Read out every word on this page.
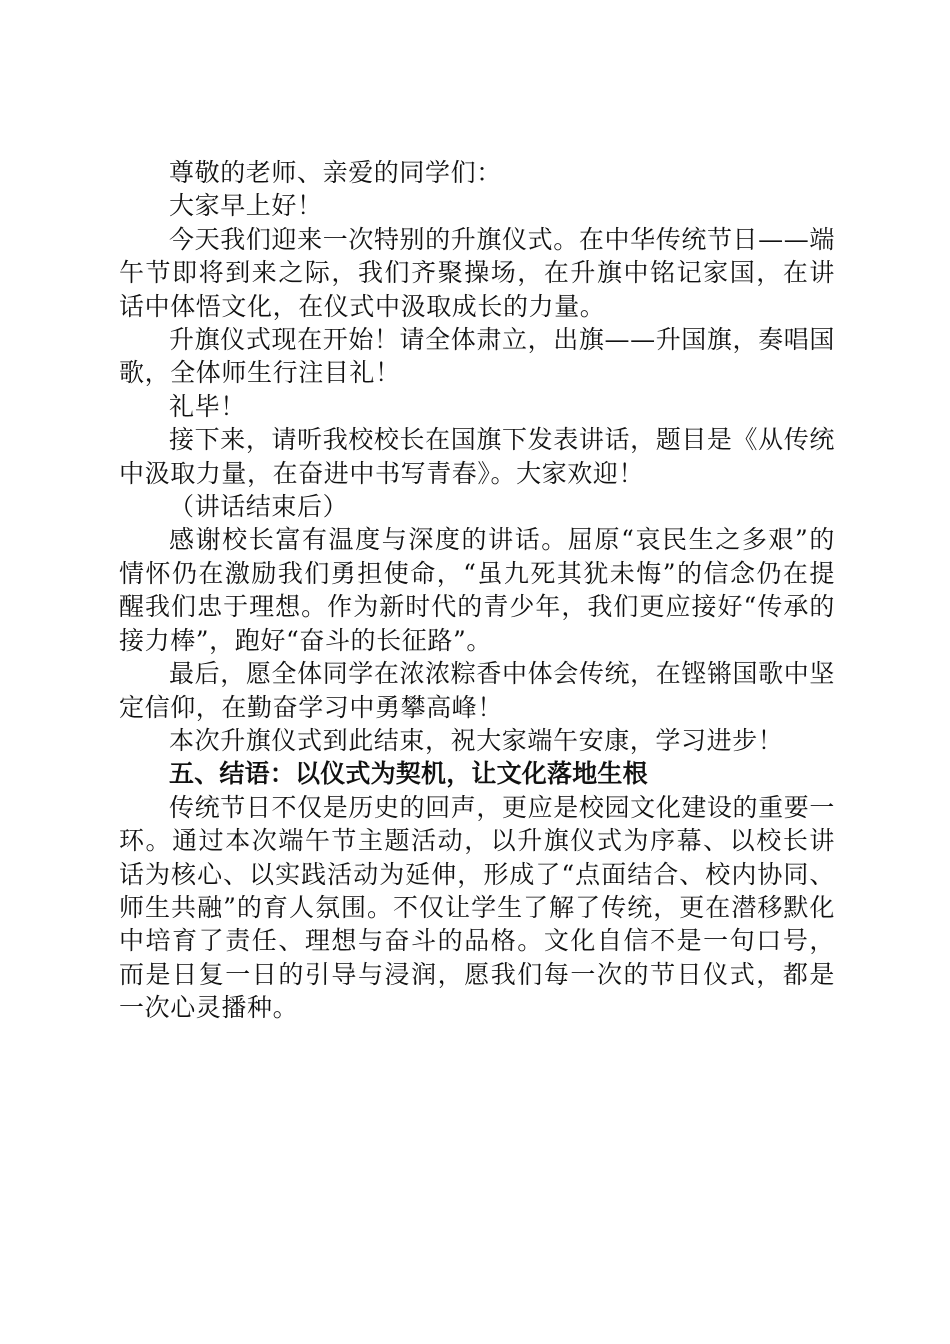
尊敬的老师、亲爱的同学们：

大家早上好！

今天我们迎来一次特别的升旗仪式。在中华传统节日——端午节即将到来之际，我们齐聚操场，在升旗中铭记家国，在讲话中体悟文化，在仪式中汲取成长的力量。

升旗仪式现在开始！请全体肃立，出旗——升国旗，奏唱国歌，全体师生行注目礼！

礼毕！

接下来，请听我校校长在国旗下发表讲话，题目是《从传统中汲取力量，在奋进中书写青春》。大家欢迎！

（讲话结束后）

感谢校长富有温度与深度的讲话。屈原“哀民生之多艰”的情怀仍在激励我们勇担使命，“虽九死其犹未悔”的信念仍在提醒我们忠于理想。作为新时代的青少年，我们更应接好“传承的接力棒”，跑好“奋斗的长征路”。

最后，愿全体同学在浓浓粽香中体会传统，在铿锵国歌中坚定信仰，在勤奋学习中勇攀高峰！

本次升旗仪式到此结束，祝大家端午安康，学习进步！

五、结语：以仪式为契机，让文化落地生根

传统节日不仅是历史的回声，更应是校园文化建设的重要一环。通过本次端午节主题活动，以升旗仪式为序幕、以校长讲话为核心、以实践活动为延伸，形成了“点面结合、校内协同、师生共融”的育人氛围。不仅让学生了解了传统，更在潜移默化中培育了责任、理想与奋斗的品格。文化自信不是一句口号，而是日复一日的引导与浸润，愿我们每一次的节日仪式，都是一次心灵播种。
